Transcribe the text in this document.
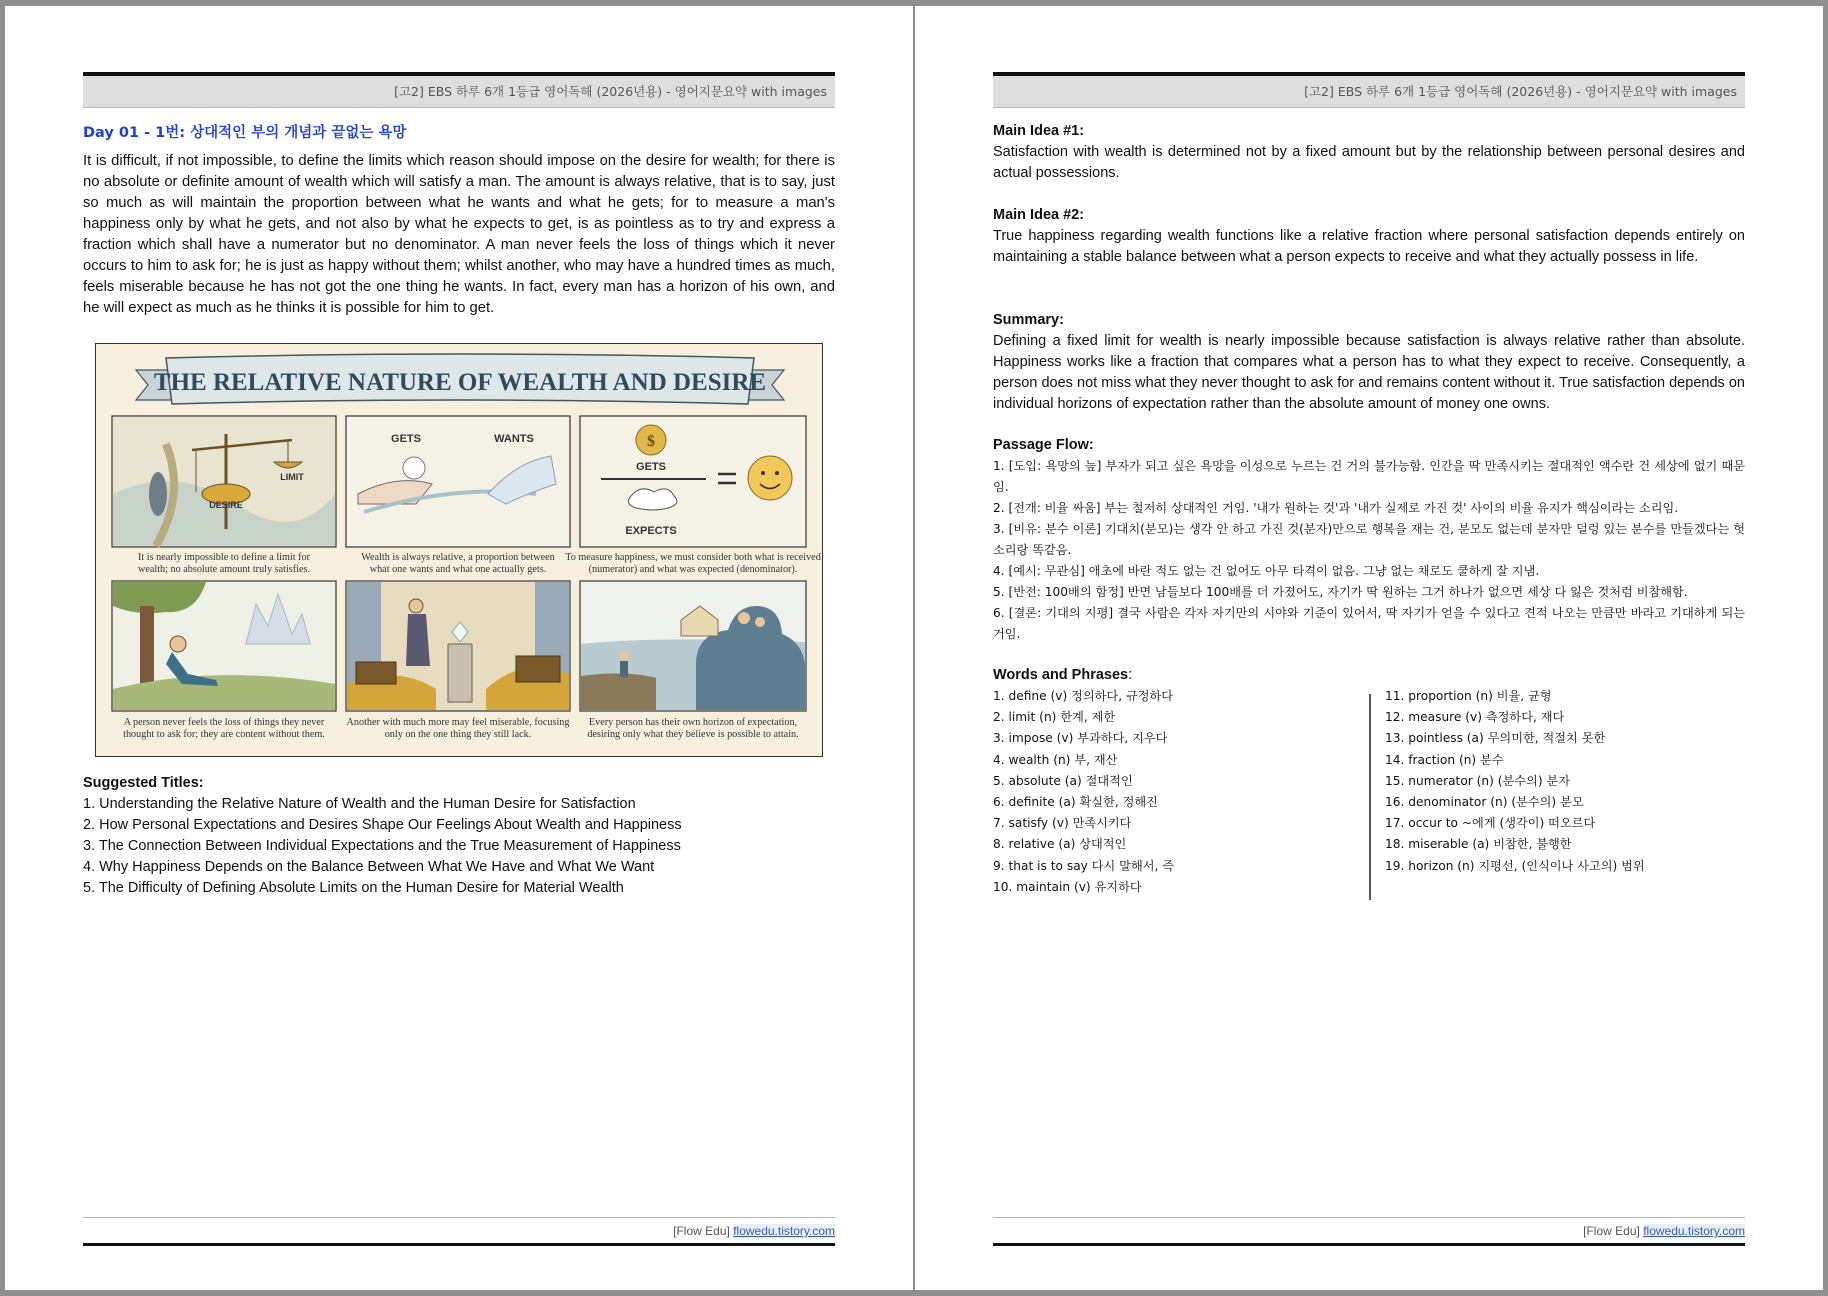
[고2] EBS 하루 6개 1등급 영어독해 (2026년용) - 영어지문요약 with images
Day 01 - 1번: 상대적인 부의 개념과 끝없는 욕망
It is difficult, if not impossible, to define the limits which reason should impose on the desire for wealth; for there is no absolute or definite amount of wealth which will satisfy a man. The amount is always relative, that is to say, just so much as will maintain the proportion between what he wants and what he gets; for to measure a man's happiness only by what he gets, and not also by what he expects to get, is as pointless as to try and express a fraction which shall have a numerator but no denominator. A man never feels the loss of things which it never occurs to him to ask for; he is just as happy without them; whilst another, who may have a hundred times as much, feels miserable because he has not got the one thing he wants. In fact, every man has a horizon of his own, and he will expect as much as he thinks it is possible for him to get.
THE RELATIVE NATURE OF WEALTH AND DESIRE
DESIRE
LIMIT
GETS	WANTS	$
GETS
EXPECTS
It is nearly impossible to define a limit for
wealth; no absolute amount truly satisfies.
Wealth is always relative, a proportion between
what one wants and what one actually gets.
To measure happiness, we must consider both what is received
(numerator) and what was expected (denominator).
A person never feels the loss of things they never
thought to ask for; they are content without them.
Another with much more may feel miserable, focusing
only on the one thing they still lack.
Every person has their own horizon of expectation,
desiring only what they believe is possible to attain.
Suggested Titles:
1. Understanding the Relative Nature of Wealth and the Human Desire for Satisfaction
2. How Personal Expectations and Desires Shape Our Feelings About Wealth and Happiness
3. The Connection Between Individual Expectations and the True Measurement of Happiness
4. Why Happiness Depends on the Balance Between What We Have and What We Want
5. The Difficulty of Defining Absolute Limits on the Human Desire for Material Wealth
[Flow Edu] flowedu.tistory.com
[고2] EBS 하루 6개 1등급 영어독해 (2026년용) - 영어지문요약 with images
Main Idea #1:
Satisfaction with wealth is determined not by a fixed amount but by the relationship between personal desires and actual possessions.
Main Idea #2:
True happiness regarding wealth functions like a relative fraction where personal satisfaction depends entirely on maintaining a stable balance between what a person expects to receive and what they actually possess in life.
Summary:
Defining a fixed limit for wealth is nearly impossible because satisfaction is always relative rather than absolute. Happiness works like a fraction that compares what a person has to what they expect to receive. Consequently, a person does not miss what they never thought to ask for and remains content without it. True satisfaction depends on individual horizons of expectation rather than the absolute amount of money one owns.
Passage Flow:
1. [도입: 욕망의 늪] 부자가 되고 싶은 욕망을 이성으로 누르는 건 거의 불가능함. 인간을 딱 만족시키는 절대적인 액수란 건 세상에 없기 때문임.
2. [전개: 비율 싸움] 부는 철저히 상대적인 거임. '내가 원하는 것'과 '내가 실제로 가진 것' 사이의 비율 유지가 핵심이라는 소리임.
3. [비유: 분수 이론] 기대치(분모)는 생각 안 하고 가진 것(분자)만으로 행복을 재는 건, 분모도 없는데 분자만 덜렁 있는 분수를 만들겠다는 헛소리랑 똑같음.
4. [예시: 무관심] 애초에 바란 적도 없는 건 없어도 아무 타격이 없음. 그냥 없는 채로도 쿨하게 잘 지냄.
5. [반전: 100배의 함정] 반면 남들보다 100배를 더 가졌어도, 자기가 딱 원하는 그거 하나가 없으면 세상 다 잃은 것처럼 비참해함.
6. [결론: 기대의 지평] 결국 사람은 각자 자기만의 시야와 기준이 있어서, 딱 자기가 얻을 수 있다고 견적 나오는 만큼만 바라고 기대하게 되는 거임.
Words and Phrases:
1. define (v) 정의하다, 규정하다
2. limit (n) 한계, 제한
3. impose (v) 부과하다, 지우다
4. wealth (n) 부, 재산
5. absolute (a) 절대적인
6. definite (a) 확실한, 정해진
7. satisfy (v) 만족시키다
8. relative (a) 상대적인
9. that is to say 다시 말해서, 즉
10. maintain (v) 유지하다
11. proportion (n) 비율, 균형
12. measure (v) 측정하다, 재다
13. pointless (a) 무의미한, 적절치 못한
14. fraction (n) 분수
15. numerator (n) (분수의) 분자
16. denominator (n) (분수의) 분모
17. occur to ~에게 (생각이) 떠오르다
18. miserable (a) 비참한, 불행한
19. horizon (n) 지평선, (인식이나 사고의) 범위
[Flow Edu] flowedu.tistory.com
